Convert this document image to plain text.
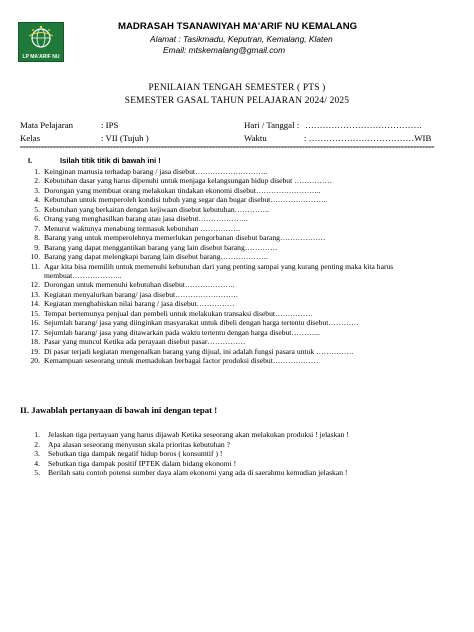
LP MA'ARIF NU
MADRASAH TSANAWIYAH MA'ARIF NU KEMALANG
Alamat : Tasikmadu, Keputran, Kemalang, Klaten
Email: mtskemalang@gmail.com
PENILAIAN TENGAH SEMESTER ( PTS )
SEMESTER GASAL TAHUN PELAJARAN 2024/ 2025
Mata Pelajaran	: IPS	Hari / Tanggal : ………………………………….
Kelas	: VII (Tujuh )	Waktu	: ………………………………WIB
==========================================================================================================================================
I.	Isilah titik titik di bawah ini !
1. Keinginan manusia terhadap barang / jasa disebut………………………..
2. Kebutuhan dasar yang harus dipenuhi untuk menjaga kelangsungan hidup disebut ……………
3. Dorongan yang membuat orang melakukan tindakan ekonomi disebut……………………..
4. Kebutuhan untuk memperoleh kondisi tubuh yang segar dan bugar disebut…………………..
5. Kebutuhan yang berkaitan dengan kejiwaan disebut kebutuhan…………..
6. Orang yang menghasilkan barang atau jasa disebut………………..
7. Menurut waktunya menabung termasuk kebutuhan …………….
8. Barang yang untuk memperolehnya memerlukan pengorbanan disebut barang………………
9. Barang yang dapat menggantikan barang yang lain disebut barang………….
10. Barang yang dapat melengkapi barang lain disebut barang……………….
11. Agar kita bisa memilih untuk memenuhi kebutuhan dari yang penting sampai yang kurang penting maka kita harus membuat………………..
12. Dorongan untuk memenuhi kebutuhan disebut………………..
13. Kegiatan menyalurkan barang/ jasa disebut…………………….
14. Kegiatan menghabiskan nilai barang / jasa disebut……………
15. Tempat bertemunya penjual dan pembeli untuk melakukan transaksi disebut……………
16. Sejumlah barang/ jasa yang diinginkan masyarakat untuk dibeli dengan harga tertentu disebut…………
17. Sejumlah barang/ jasa yang ditawarkan pada waktu tertentu dengan harga disebut………...
18. Pasar yang muncul Ketika ada perayaan disebut pasar……………
19. Di pasar terjadi kegiatan mengenalkan barang yang dijual, ini adalah fungsi pasara untuk ……………
20. Kemampuan seseorang untuk memadukan berbagai factor produksi disebut………………
II. Jawablah pertanyaan di bawah ini dengan tepat !
1. Jelaskan tiga pertayaan yang harus dijawab Ketika seseorang akan melakukan produksi ! jelaskan !
2. Apa alasan seseorang menyusun skala prioritas kebutuhan ?
3. Sebutkan tiga dampak negatif hidup boros ( konsumtif ) !
4. Sebutkan tiga dampak positif IPTEK dalam bidang ekonomi !
5. Berilah satu contoh potensi sumber daya alam ekonomi yang ada di saerahmu kemudian jelaskan !
